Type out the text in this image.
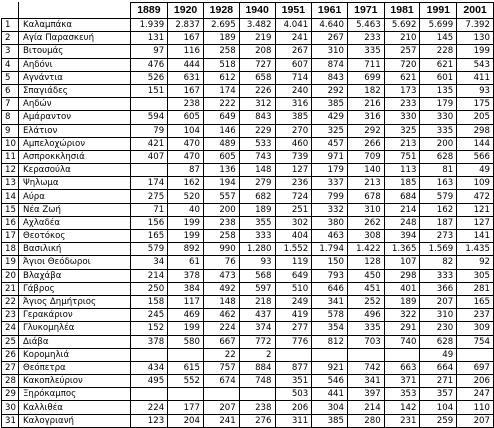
		1889	1920	1928	1940	1951	1961	1971	1981	1991	2001
1	Καλαμπάκα	1.939	2.837	2.695	3.482	4.041	4.640	5.463	5.692	5.699	7.392
2	Αγία Παρασκευή	131	167	189	219	241	267	233	210	145	130
3	Βιτουμάς	97	116	258	208	267	310	335	257	228	199
4	Αηδόνι	476	444	518	727	607	874	711	720	621	543
5	Αγνάντια	526	631	612	658	714	843	699	621	601	411
6	Σπαγιάδες	151	167	174	226	240	292	182	173	135	93
7	Αηδών		238	222	312	316	385	216	233	179	175
8	Αμάραντον	594	605	649	843	385	429	316	330	330	205
9	Ελάτιον	79	104	146	229	270	325	292	325	335	298
10	Αμπελοχώριον	421	470	489	533	460	457	266	213	200	144
11	Ασπροκκλησιά	407	470	605	743	739	971	709	751	628	566
12	Κερασούλα		87	136	148	127	179	140	113	81	49
13	Ψηλωμα	174	162	194	279	236	337	213	185	163	109
14	Αύρα	275	520	557	682	724	799	678	684	579	472
15	Νέα Ζωή	71	40	200	189	251	332	310	214	162	121
16	Αχλαδέα	156	199	238	355	302	380	262	248	187	127
17	Θεοτόκος	165	199	258	333	404	463	308	394	273	141
18	Βασιλική	579	892	990	1.280	1.552	1.794	1.422	1.365	1.569	1.435
19	Άγιοι Θεόδωροι	34	61	76	93	119	150	128	107	82	92
20	Βλαχάβα	214	378	473	568	649	793	450	298	333	305
21	Γάβρος	250	384	492	597	510	646	451	401	366	281
22	Άγιος Δημήτριος	158	117	148	218	249	341	252	189	207	165
23	Γερακάριον	245	469	462	437	419	578	496	322	310	237
24	Γλυκομηλέα	152	199	224	374	277	354	335	291	230	309
25	Διάβα	378	580	667	772	776	812	703	740	628	754
26	Κορομηλιά			22	2					49	
27	Θεόπετρα	434	615	757	884	877	921	742	663	664	697
28	Κακοπλεύριον	495	552	674	748	351	546	341	371	271	206
29	Ξηρόκαμπος					503	441	397	353	357	247
30	Καλλιθέα	224	177	207	238	206	304	214	142	104	110
31	Καλογριανή	123	204	241	276	311	385	280	231	259	207
